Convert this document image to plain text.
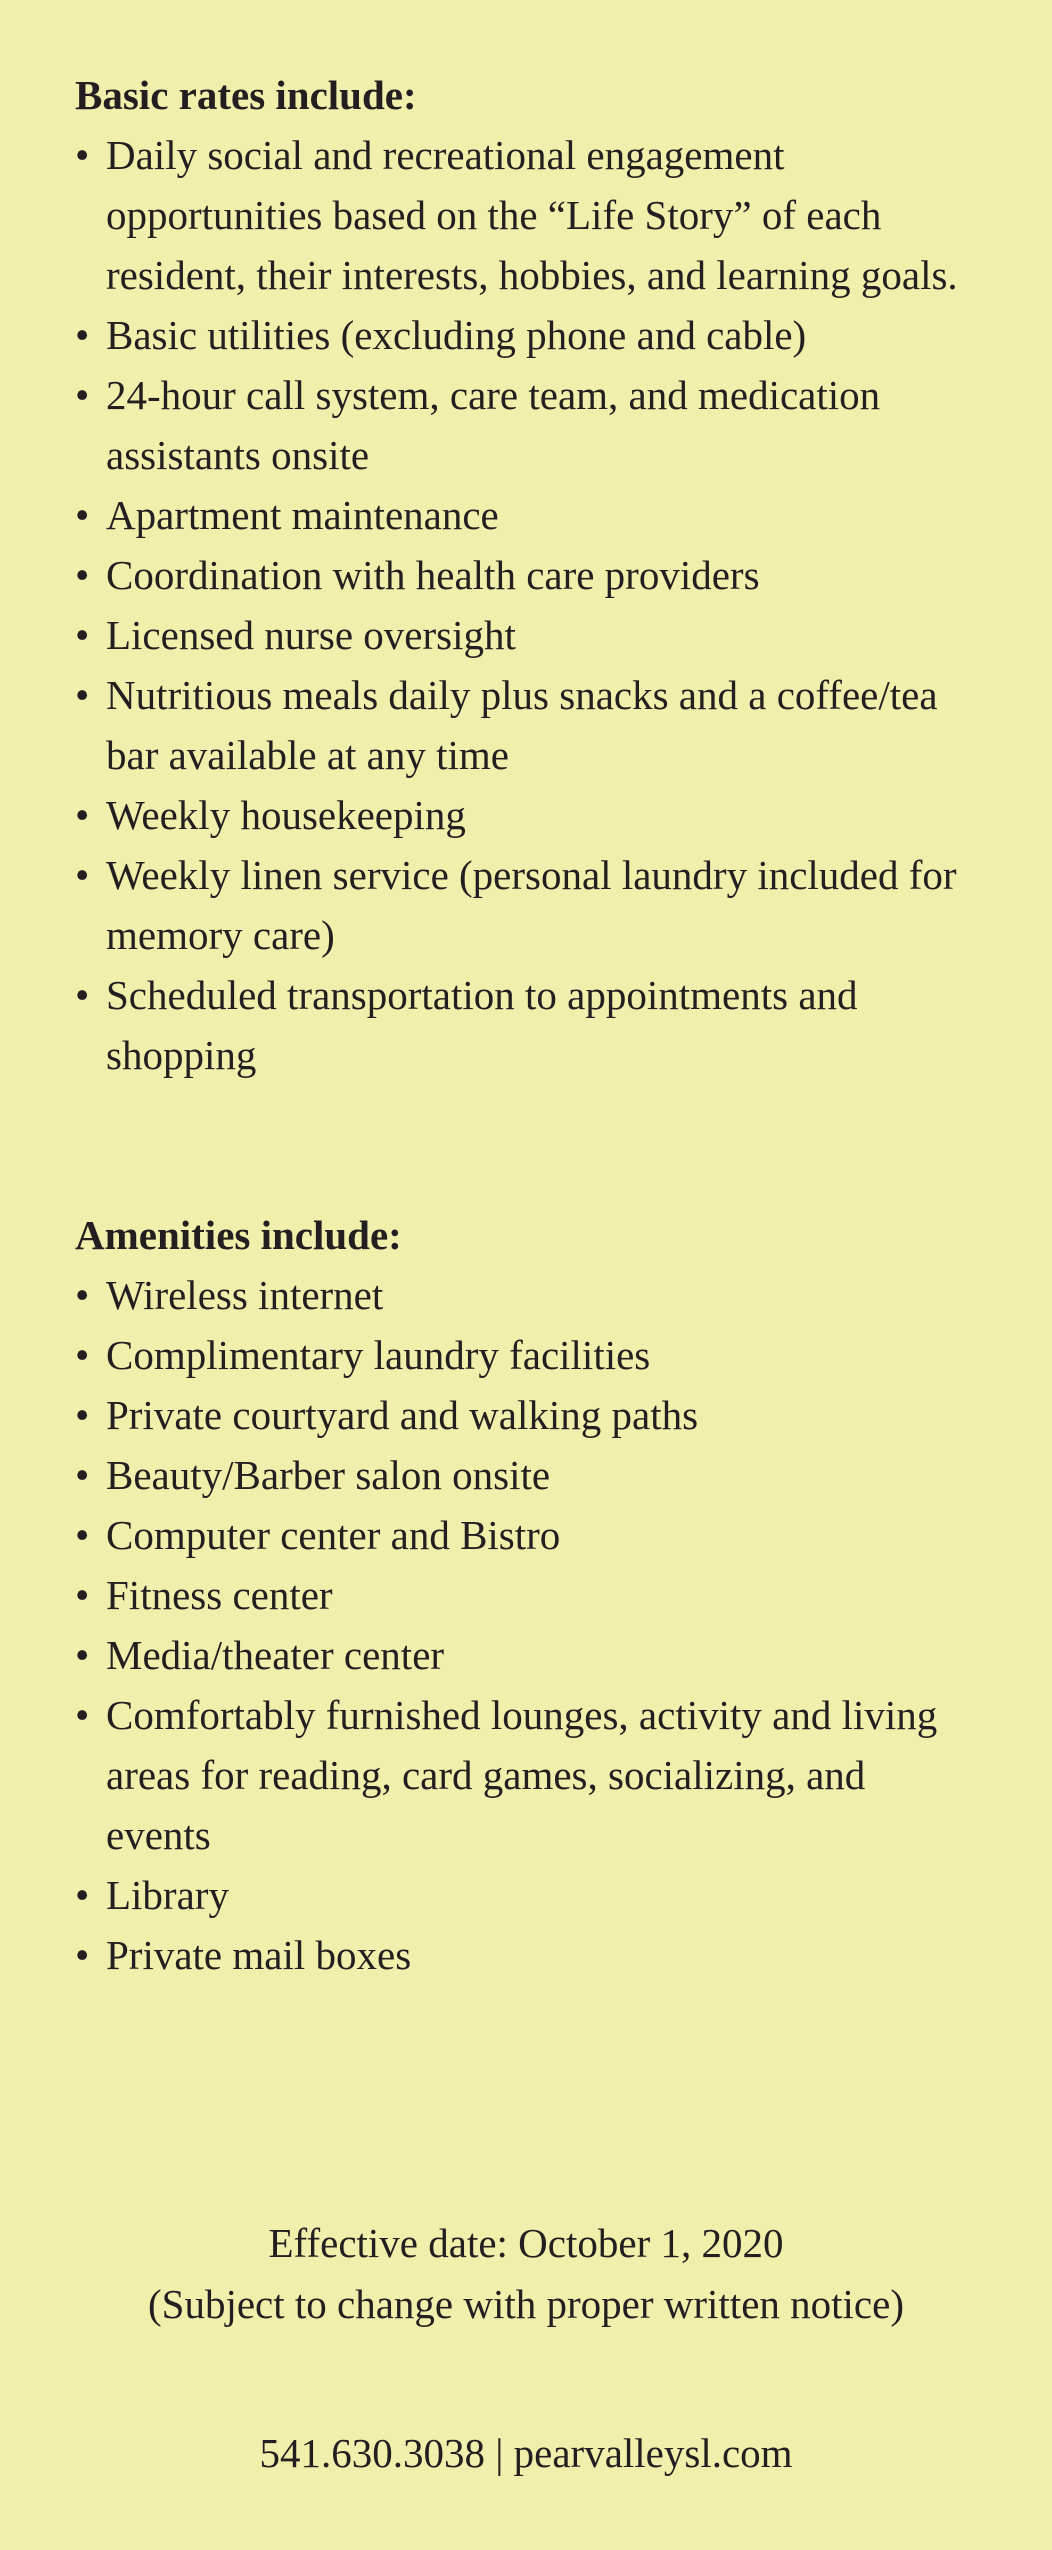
Basic rates include:
• Daily social and recreational engagement opportunities based on the “Life Story” of each resident, their interests, hobbies, and learning goals.
• Basic utilities (excluding phone and cable)
• 24-hour call system, care team, and medication assistants onsite
• Apartment maintenance
• Coordination with health care providers
• Licensed nurse oversight
• Nutritious meals daily plus snacks and a coffee/tea bar available at any time
• Weekly housekeeping
• Weekly linen service (personal laundry included for memory care)
• Scheduled transportation to appointments and shopping
Amenities include:
• Wireless internet
• Complimentary laundry facilities
• Private courtyard and walking paths
• Beauty/Barber salon onsite
• Computer center and Bistro
• Fitness center
• Media/theater center
• Comfortably furnished lounges, activity and living areas for reading, card games, socializing, and events
• Library
• Private mail boxes
Effective date: October 1, 2020
(Subject to change with proper written notice)
541.630.3038 | pearvalleysl.com
